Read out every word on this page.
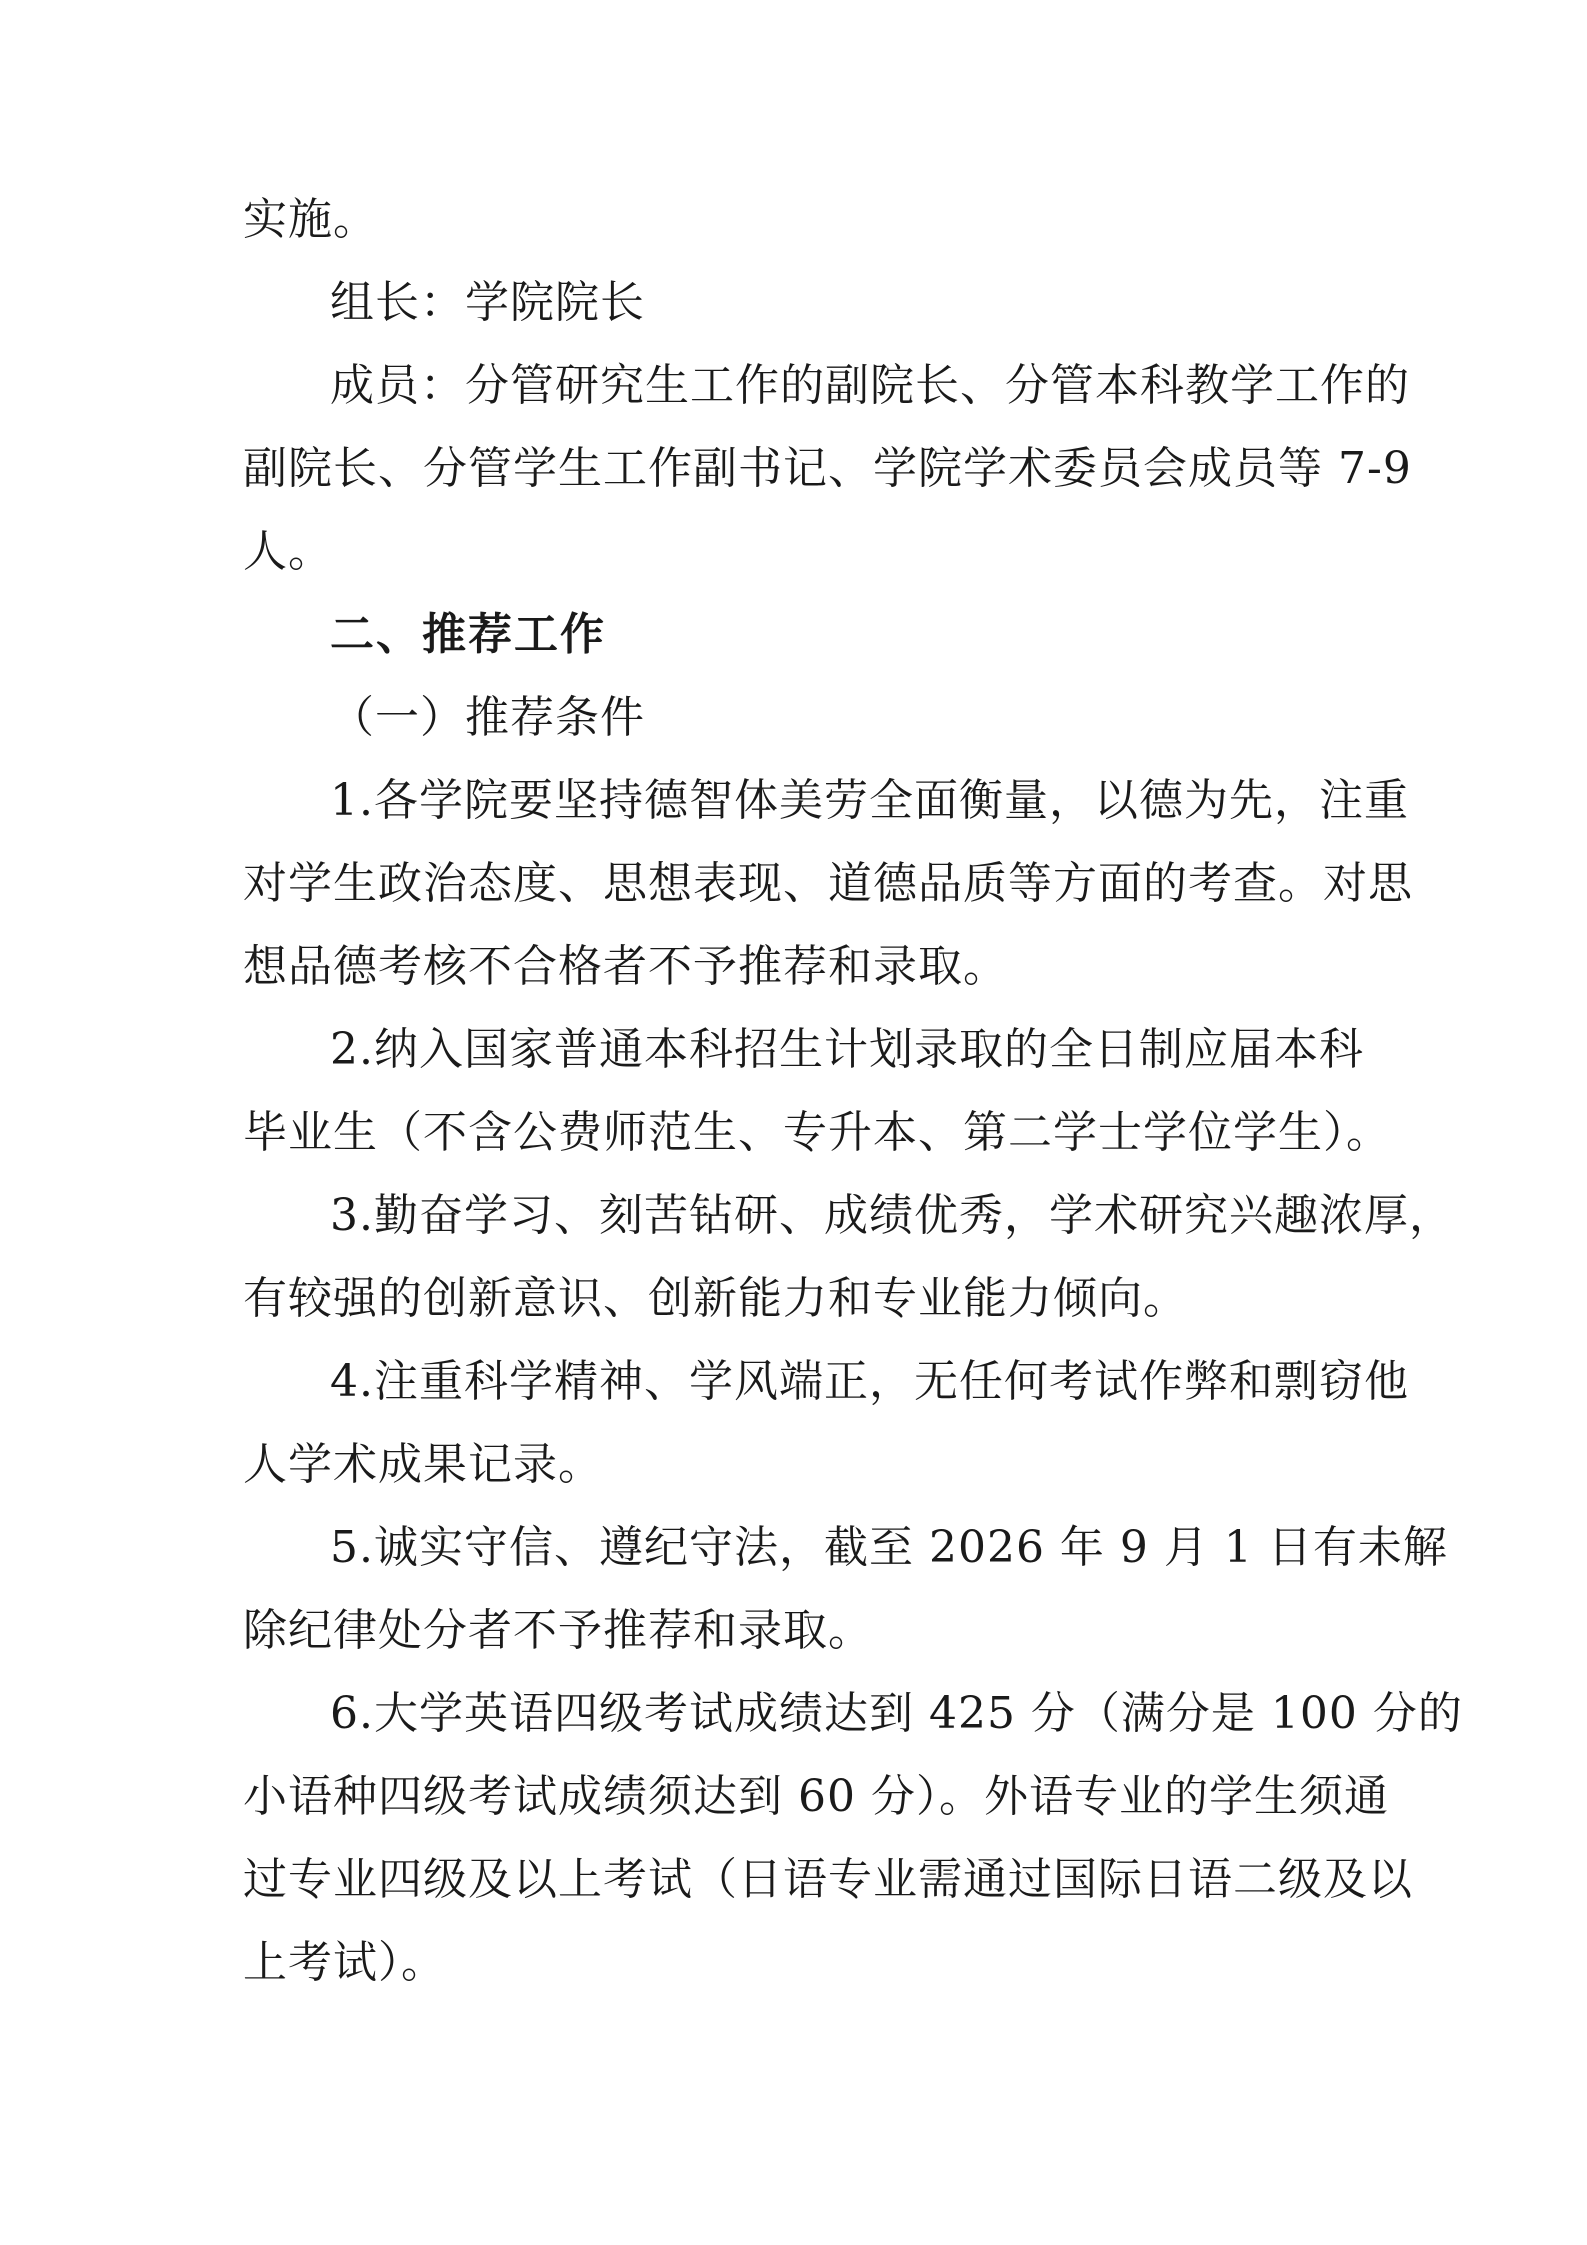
实施。
组长：学院院长
成员：分管研究生工作的副院长、分管本科教学工作的
副院长、分管学生工作副书记、学院学术委员会成员等 7-9
人。
二、推荐工作
（一）推荐条件
1.各学院要坚持德智体美劳全面衡量，以德为先，注重
对学生政治态度、思想表现、道德品质等方面的考查。对思
想品德考核不合格者不予推荐和录取。
2.纳入国家普通本科招生计划录取的全日制应届本科
毕业生（不含公费师范生、专升本、第二学士学位学生）。
3.勤奋学习、刻苦钻研、成绩优秀，学术研究兴趣浓厚，
有较强的创新意识、创新能力和专业能力倾向。
4.注重科学精神、学风端正，无任何考试作弊和剽窃他
人学术成果记录。
5.诚实守信、遵纪守法，截至 2026 年 9 月 1 日有未解
除纪律处分者不予推荐和录取。
6.大学英语四级考试成绩达到 425 分（满分是 100 分的
小语种四级考试成绩须达到 60 分）。外语专业的学生须通
过专业四级及以上考试（日语专业需通过国际日语二级及以
上考试）。
